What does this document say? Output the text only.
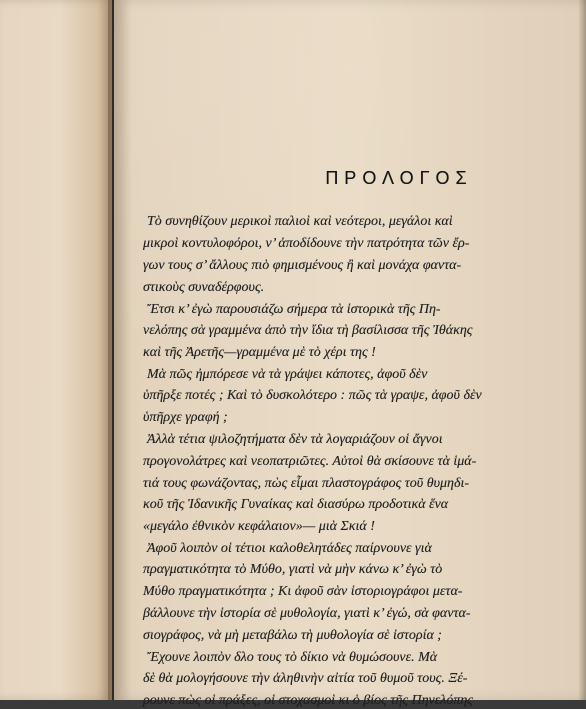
ΠΡΟΛΟΓΟΣ
Τὸ συνηθίζουν μερικοὶ παλιοὶ καὶ νεότεροι, μεγάλοι καὶ
μικροὶ κοντυλοφόροι, ν’ ἀποδίδουνε τὴν πατρότητα τῶν ἔρ-
γων τους σ’ ἄλλους πιὸ φημισμένους ἢ καὶ μονάχα φαντα-
στικοὺς συναδέρφους.
Ἔτσι κ’ ἐγὼ παρουσιάζω σήμερα τὰ ἱστορικὰ τῆς Πη-
νελόπης σὰ γραμμένα ἀπὸ τὴν ἴδια τὴ βασίλισσα τῆς Ἰθάκης
καὶ τῆς Ἀρετῆς—γραμμένα μὲ τὸ χέρι της !
Μὰ πῶς ἠμπόρεσε νὰ τὰ γράψει κάποτες, ἀφοῦ δὲν
ὑπῆρξε ποτές ; Καὶ τὸ δυσκολότερο : πῶς τὰ γραψε, ἀφοῦ δὲν
ὑπῆρχε γραφή ;
Ἀλλὰ τέτια ψιλοζητήματα δὲν τὰ λογαριάζουν οἱ ἄγνοι
προγονολάτρες καὶ νεοπατριῶτες. Αὐτοὶ θὰ σκίσουνε τὰ ἱμά-
τιά τους φωνάζοντας, πὼς εἶμαι πλαστογράφος τοῦ θυμηδι-
κοῦ τῆς Ἰδανικῆς Γυναίκας καὶ διασύρω προδοτικὰ ἕνα
«μεγάλο ἐθνικὸν κεφάλαιον»— μιὰ Σκιά !
Ἀφοῦ λοιπὸν οἱ τέτιοι καλοθελητάδες παίρνουνε γιὰ
πραγματικότητα τὸ Μύθο, γιατὶ νὰ μὴν κάνω κ’ ἐγὼ τὸ
Μύθο πραγματικότητα ; Κι ἀφοῦ σὰν ἱστοριογράφοι μετα-
βάλλουνε τὴν ἱστορία σὲ μυθολογία, γιατὶ κ’ ἐγώ, σὰ φαντα-
σιογράφος, νὰ μὴ μεταβάλω τὴ μυθολογία σὲ ἱστορία ;
Ἔχουνε λοιπὸν δλο τους τὸ δίκιο νὰ θυμώσουνε. Μὰ
δὲ θὰ μολογήσουνε τὴν ἀληθινὴν αἰτία τοῦ θυμοῦ τους. Ξέ-
ρουνε πὼς οἱ πράξες, οἱ στοχασμοὶ κι ὁ βίος τῆς Πηνελόπης
